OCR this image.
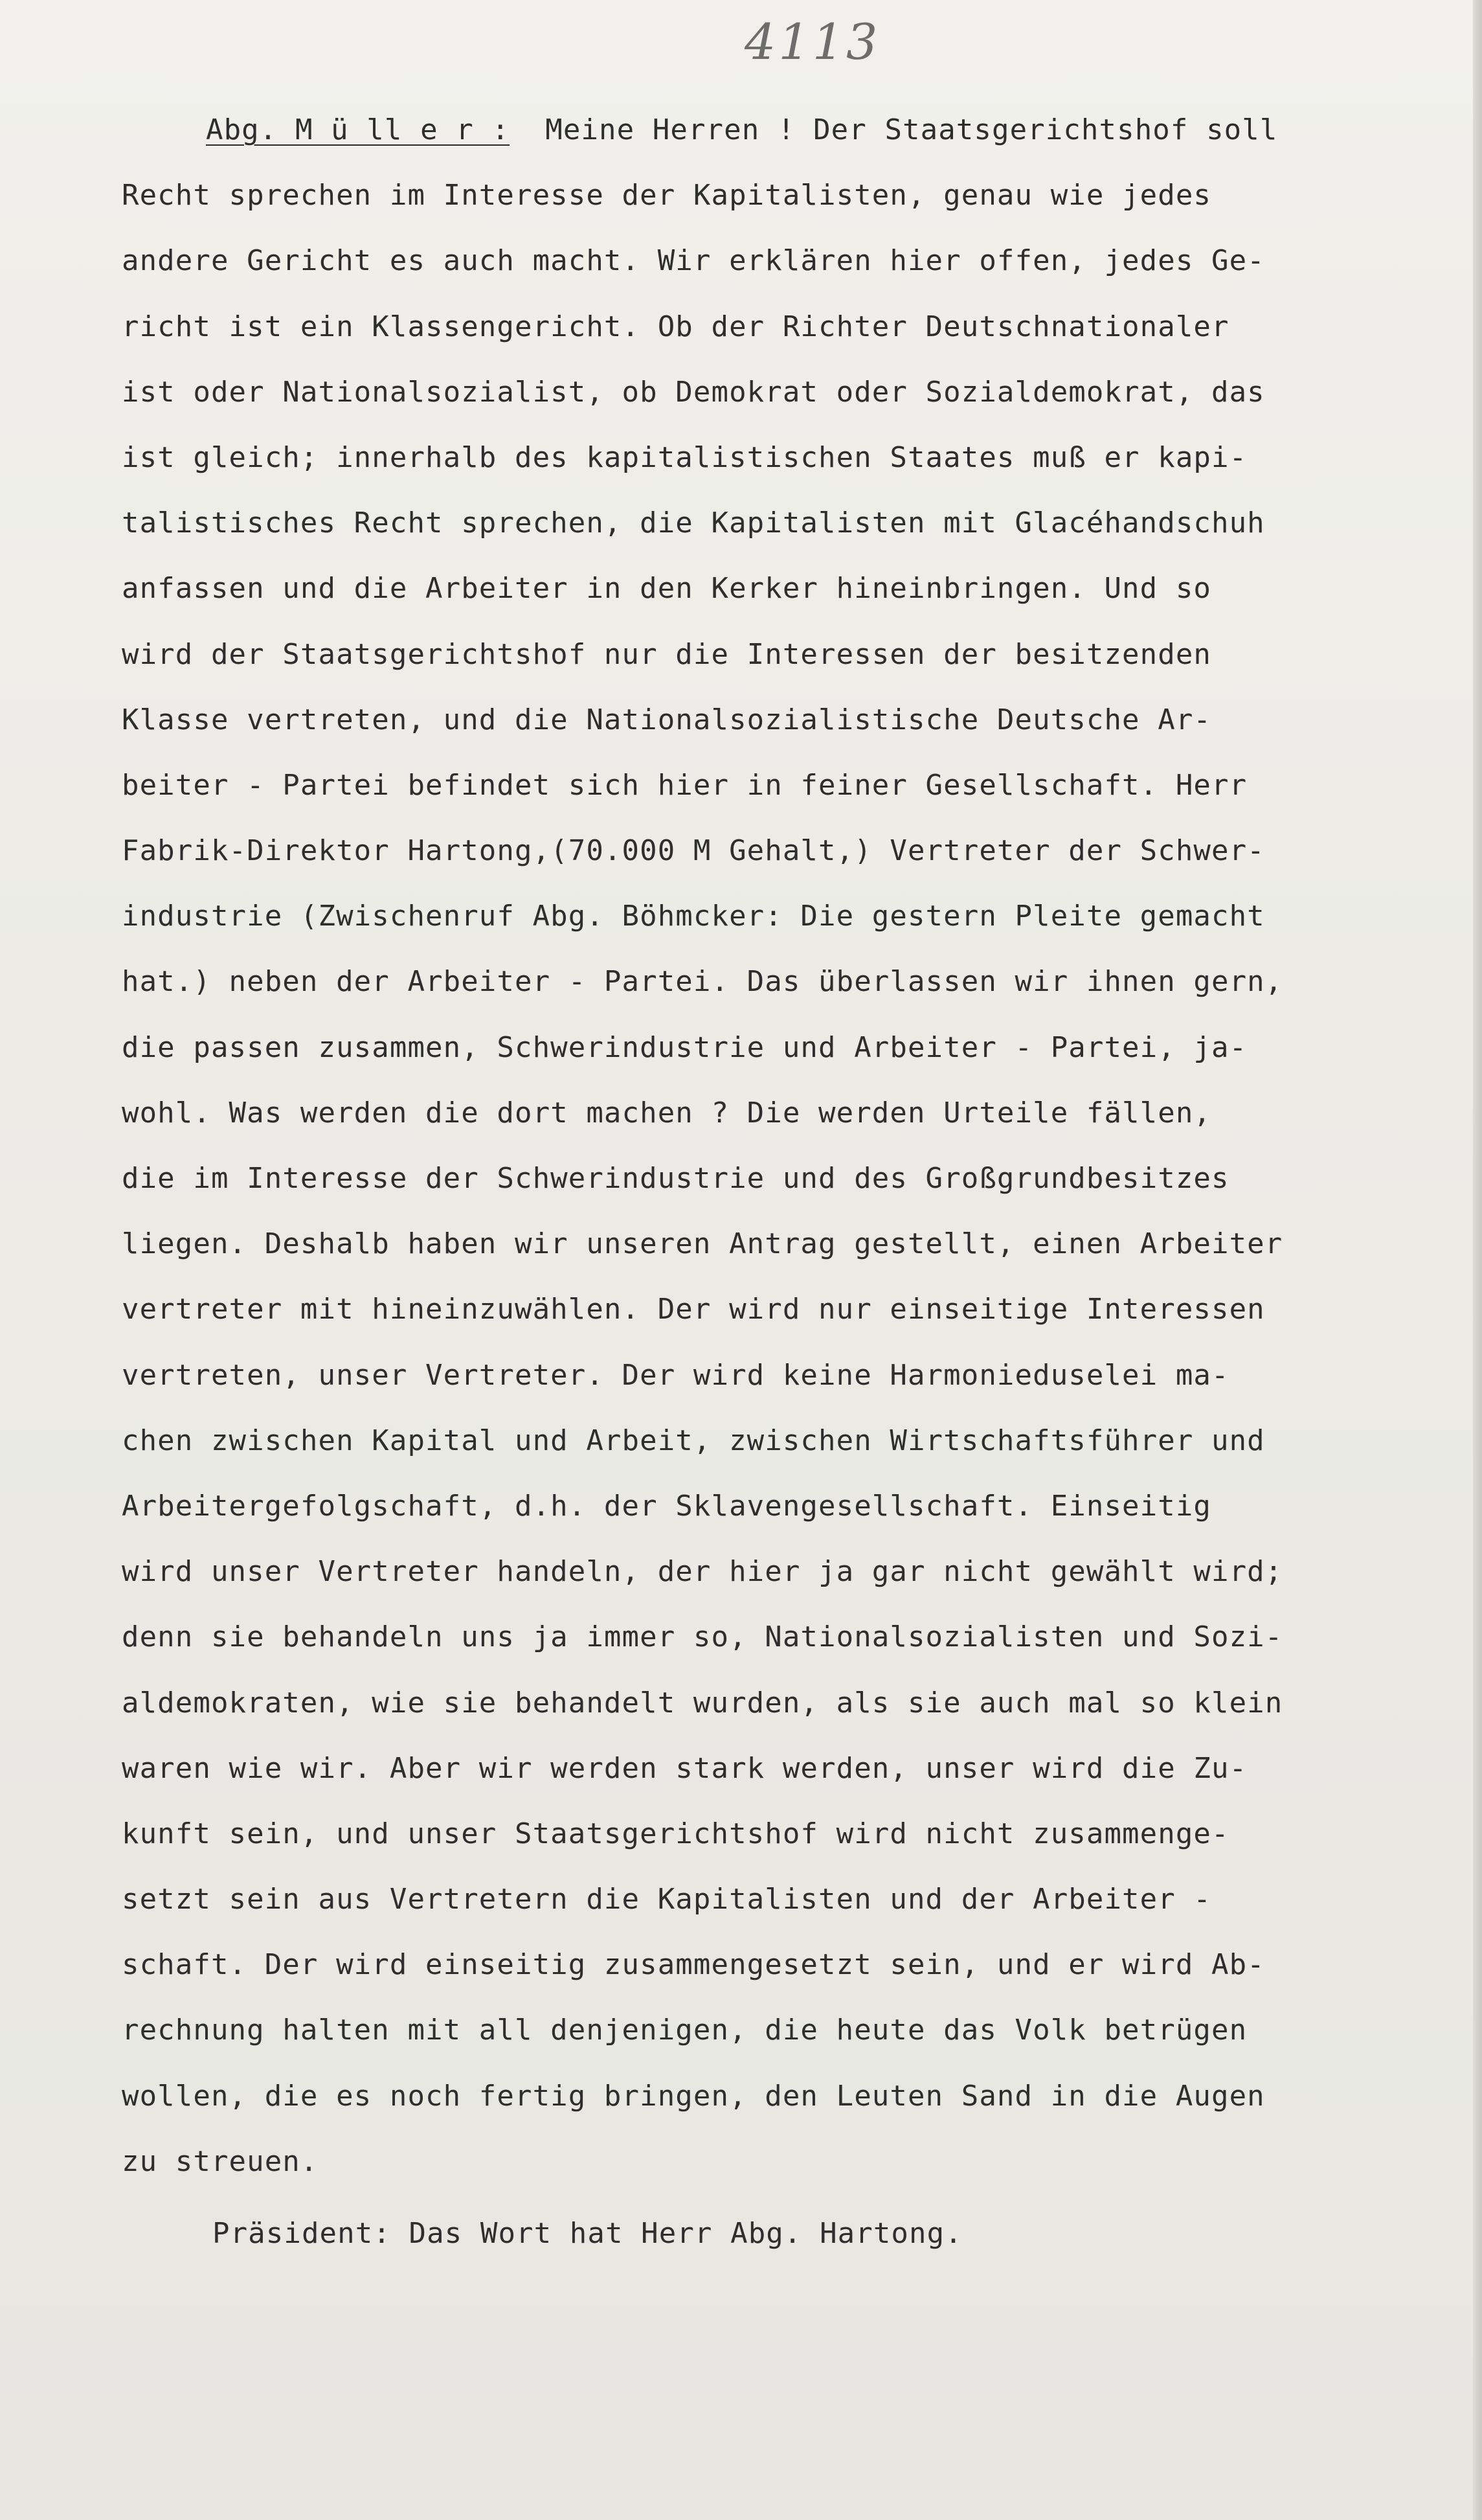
4113
Abg. M ü ll e r :  Meine Herren ! Der Staatsgerichtshof soll
Recht sprechen im Interesse der Kapitalisten, genau wie jedes
andere Gericht es auch macht. Wir erklären hier offen, jedes Ge-
richt ist ein Klassengericht. Ob der Richter Deutschnationaler
ist oder Nationalsozialist, ob Demokrat oder Sozialdemokrat, das
ist gleich; innerhalb des kapitalistischen Staates muß er kapi-
talistisches Recht sprechen, die Kapitalisten mit Glacéhandschuh
anfassen und die Arbeiter in den Kerker hineinbringen. Und so
wird der Staatsgerichtshof nur die Interessen der besitzenden
Klasse vertreten, und die Nationalsozialistische Deutsche Ar-
beiter - Partei befindet sich hier in feiner Gesellschaft. Herr
Fabrik-Direktor Hartong,(70.000 M Gehalt,) Vertreter der Schwer-
industrie (Zwischenruf Abg. Böhmcker: Die gestern Pleite gemacht
hat.) neben der Arbeiter - Partei. Das überlassen wir ihnen gern,
die passen zusammen, Schwerindustrie und Arbeiter - Partei, ja-
wohl. Was werden die dort machen ? Die werden Urteile fällen,
die im Interesse der Schwerindustrie und des Großgrundbesitzes
liegen. Deshalb haben wir unseren Antrag gestellt, einen Arbeiter
vertreter mit hineinzuwählen. Der wird nur einseitige Interessen
vertreten, unser Vertreter. Der wird keine Harmonieduselei ma-
chen zwischen Kapital und Arbeit, zwischen Wirtschaftsführer und
Arbeitergefolgschaft, d.h. der Sklavengesellschaft. Einseitig
wird unser Vertreter handeln, der hier ja gar nicht gewählt wird;
denn sie behandeln uns ja immer so, Nationalsozialisten und Sozi-
aldemokraten, wie sie behandelt wurden, als sie auch mal so klein
waren wie wir. Aber wir werden stark werden, unser wird die Zu-
kunft sein, und unser Staatsgerichtshof wird nicht zusammenge-
setzt sein aus Vertretern die Kapitalisten und der Arbeiter -
schaft. Der wird einseitig zusammengesetzt sein, und er wird Ab-
rechnung halten mit all denjenigen, die heute das Volk betrügen
wollen, die es noch fertig bringen, den Leuten Sand in die Augen
zu streuen.
Präsident: Das Wort hat Herr Abg. Hartong.
